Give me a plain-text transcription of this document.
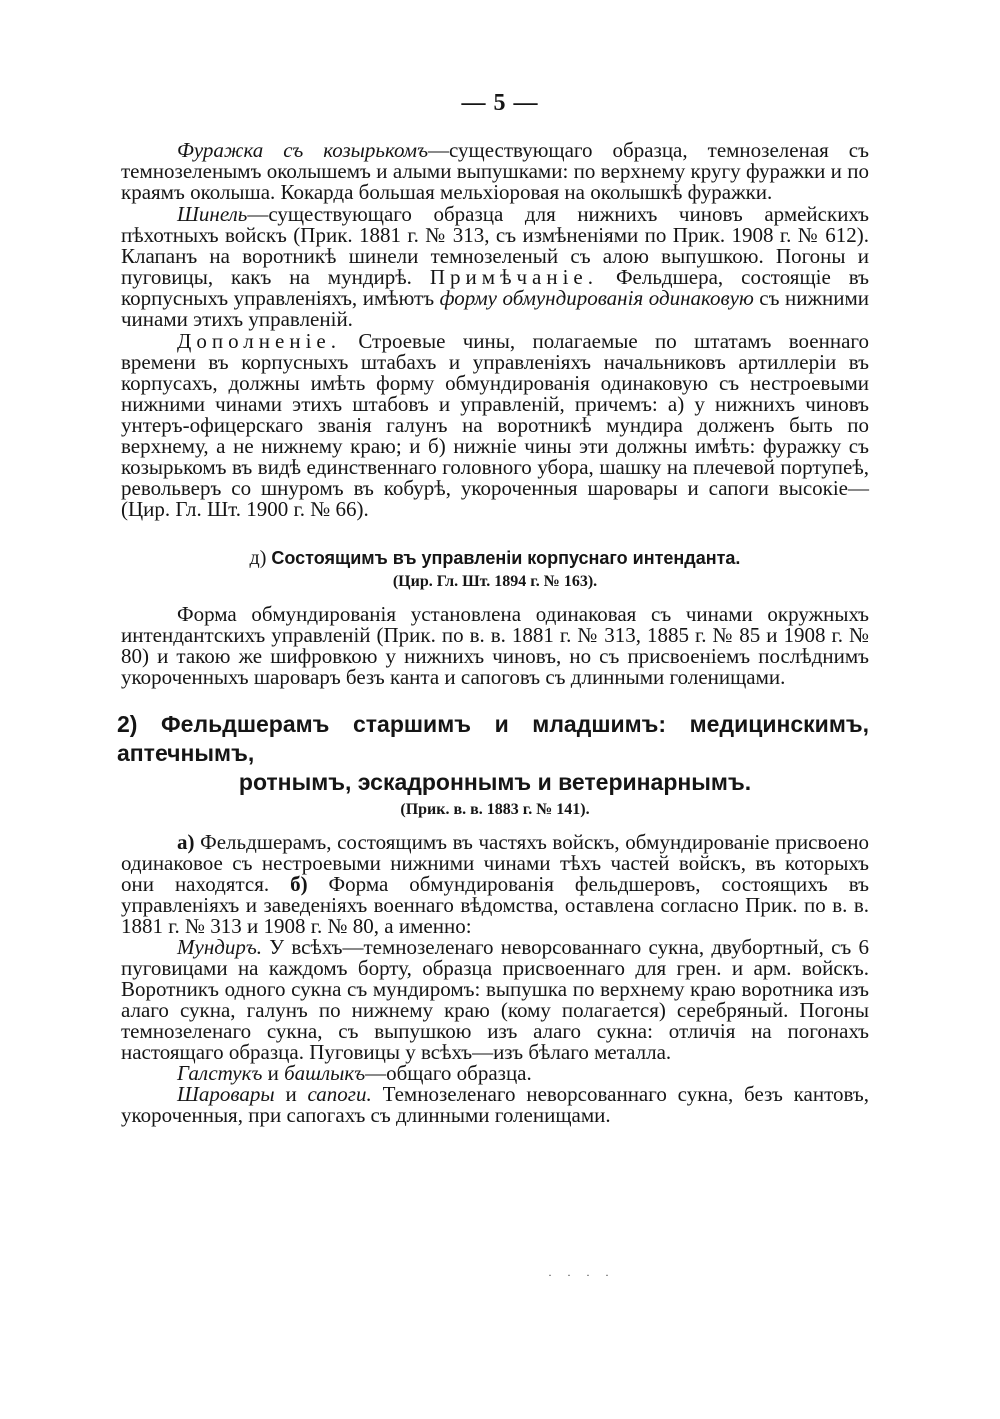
— 5 —

Фуражка съ козырькомъ—существующаго образца, темнозеленая съ темнозеленымъ околышемъ и алыми выпушками: по верхнему кругу фуражки и по краямъ околыша. Кокарда большая мельхіоровая на околышкѣ фуражки.

Шинель—существующаго образца для нижнихъ чиновъ армейскихъ пѣхотныхъ войскъ (Прик. 1881 г. № 313, съ измѣненіями по Прик. 1908 г. № 612). Клапанъ на воротникѣ шинели темнозеленый съ алою выпушкою. Погоны и пуговицы, какъ на мундирѣ. Примѣчаніе. Фельдшера, состоящіе въ корпусныхъ управленіяхъ, имѣютъ форму обмундированія одинаковую съ нижними чинами этихъ управленій.

Дополненіе. Строевые чины, полагаемые по штатамъ военнаго времени въ корпусныхъ штабахъ и управленіяхъ начальниковъ артиллеріи въ корпусахъ, должны имѣть форму обмундированія одинаковую съ нестроевыми нижними чинами этихъ штабовъ и управленій, причемъ: а) у нижнихъ чиновъ унтеръ-офицерскаго званія галунъ на воротникѣ мундира долженъ быть по верхнему, а не нижнему краю; и б) нижніе чины эти должны имѣть: фуражку съ козырькомъ въ видѣ единственнаго головного убора, шашку на плечевой портупеѣ, револьверъ со шнуромъ въ кобурѣ, укороченныя шаровары и сапоги высокіе—(Цир. Гл. Шт. 1900 г. № 66).

д) Состоящимъ въ управленіи корпуснаго интенданта.
(Цир. Гл. Шт. 1894 г. № 163).

Форма обмундированія установлена одинаковая съ чинами окружныхъ интендантскихъ управленій (Прик. по в. в. 1881 г. № 313, 1885 г. № 85 и 1908 г. № 80) и такою же шифровкою у нижнихъ чиновъ, но съ присвоеніемъ послѣднимъ укороченныхъ шароваръ безъ канта и сапоговъ съ длинными голенищами.

2) Фельдшерамъ старшимъ и младшимъ: медицинскимъ, аптечнымъ,
ротнымъ, эскадроннымъ и ветеринарнымъ.
(Прик. в. в. 1883 г. № 141).

а) Фельдшерамъ, состоящимъ въ частяхъ войскъ, обмундированіе присвоено одинаковое съ нестроевыми нижними чинами тѣхъ частей войскъ, въ которыхъ они находятся. б) Форма обмундированія фельдшеровъ, состоящихъ въ управленіяхъ и заведеніяхъ военнаго вѣдомства, оставлена согласно Прик. по в. в. 1881 г. № 313 и 1908 г. № 80, а именно:

Мундиръ. У всѣхъ—темнозеленаго неворсованнаго сукна, двубортный, съ 6 пуговицами на каждомъ борту, образца присвоеннаго для грен. и арм. войскъ. Воротникъ одного сукна съ мундиромъ: выпушка по верхнему краю воротника изъ алаго сукна, галунъ по нижнему краю (кому полагается) серебряный. Погоны темнозеленаго сукна, съ выпушкою изъ алаго сукна: отличія на погонахъ настоящаго образца. Пуговицы у всѣхъ—изъ бѣлаго металла.

Галстукъ и башлыкъ—общаго образца.

Шаровары и сапоги. Темнозеленаго неворсованнаго сукна, безъ кантовъ, укороченныя, при сапогахъ съ длинными голенищами.

· · · ·
